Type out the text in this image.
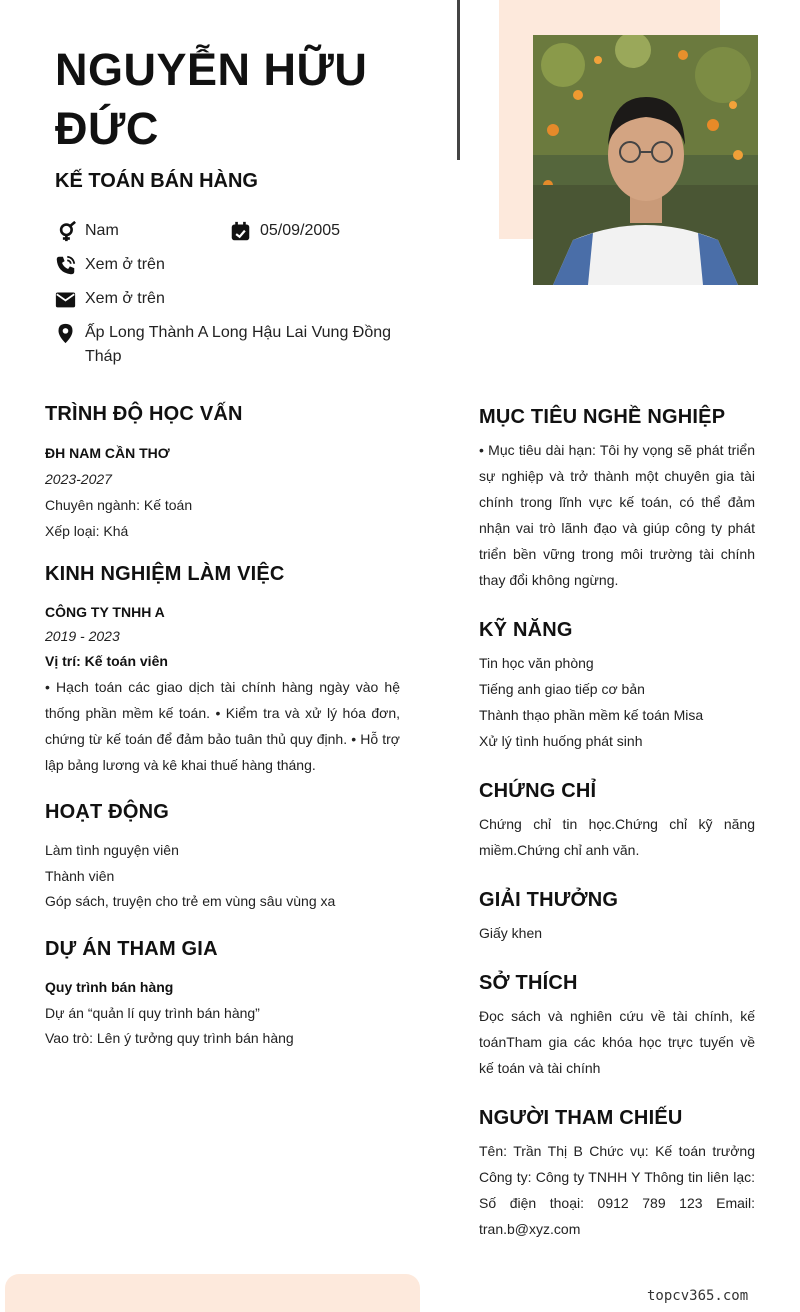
NGUYỄN HỮU ĐỨC
KẾ TOÁN BÁN HÀNG
Nam	05/09/2005
Xem ở trên
Xem ở trên
Ấp Long Thành A Long Hậu Lai Vung Đồng Tháp
TRÌNH ĐỘ HỌC VẤN
ĐH NAM CẦN THƠ
2023-2027
Chuyên ngành: Kế toán
Xếp loại: Khá
KINH NGHIỆM LÀM VIỆC
CÔNG TY TNHH A
2019 - 2023
Vị trí: Kế toán viên
• Hạch toán các giao dịch tài chính hàng ngày vào hệ thống phần mềm kế toán. • Kiểm tra và xử lý hóa đơn, chứng từ kế toán để đảm bảo tuân thủ quy định. • Hỗ trợ lập bảng lương và kê khai thuế hàng tháng.
HOẠT ĐỘNG
Làm tình nguyện viên
Thành viên
Góp sách, truyện cho trẻ em vùng sâu vùng xa
DỰ ÁN THAM GIA
Quy trình bán hàng
Dự án “quản lí quy trình bán hàng”
Vao trò: Lên ý tưởng quy trình bán hàng
MỤC TIÊU NGHỀ NGHIỆP
• Mục tiêu dài hạn: Tôi hy vọng sẽ phát triển sự nghiệp và trở thành một chuyên gia tài chính trong lĩnh vực kế toán, có thể đảm nhận vai trò lãnh đạo và giúp công ty phát triển bền vững trong môi trường tài chính thay đổi không ngừng.
KỸ NĂNG
Tin học văn phòng
Tiếng anh giao tiếp cơ bản
Thành thạo phần mềm kế toán Misa
Xử lý tình huống phát sinh
CHỨNG CHỈ
Chứng chỉ tin học.Chứng chỉ kỹ năng miềm.Chứng chỉ anh văn.
GIẢI THƯỞNG
Giấy khen
SỞ THÍCH
Đọc sách và nghiên cứu về tài chính, kế toánTham gia các khóa học trực tuyến về kế toán và tài chính
NGƯỜI THAM CHIẾU
Tên: Trần Thị B Chức vụ: Kế toán trưởng Công ty: Công ty TNHH Y Thông tin liên lạc: Số điện thoại: 0912 789 123 Email: tran.b@xyz.com
topcv365.com
